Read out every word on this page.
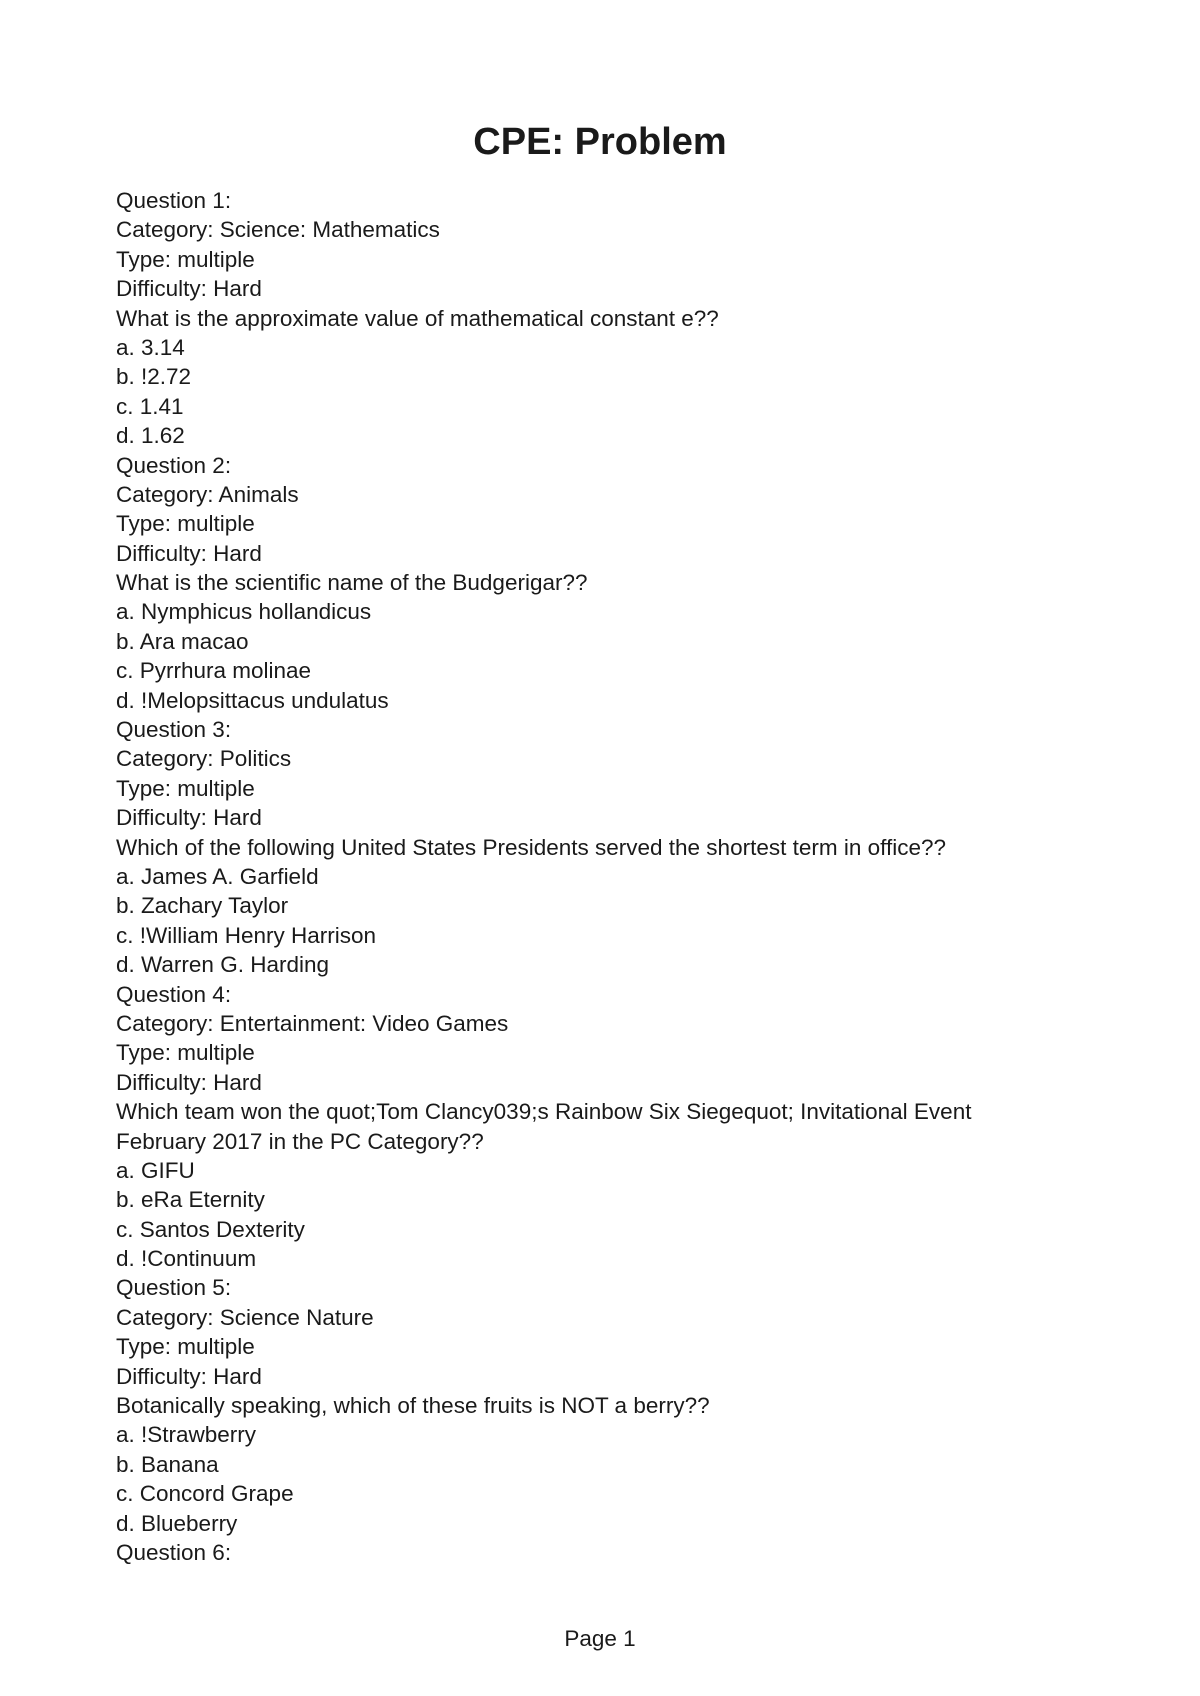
CPE: Problem
Question 1:
Category: Science: Mathematics
Type: multiple
Difficulty: Hard
What is the approximate value of mathematical constant e??
a. 3.14
b. !2.72
c. 1.41
d. 1.62
Question 2:
Category: Animals
Type: multiple
Difficulty: Hard
What is the scientific name of the Budgerigar??
a. Nymphicus hollandicus
b. Ara macao
c. Pyrrhura molinae
d. !Melopsittacus undulatus
Question 3:
Category: Politics
Type: multiple
Difficulty: Hard
Which of the following United States Presidents served the shortest term in office??
a. James A. Garfield
b. Zachary Taylor
c. !William Henry Harrison
d. Warren G. Harding
Question 4:
Category: Entertainment: Video Games
Type: multiple
Difficulty: Hard
Which team won the quot;Tom Clancy039;s Rainbow Six Siegequot; Invitational Event
February 2017 in the PC Category??
a. GIFU
b. eRa Eternity
c. Santos Dexterity
d. !Continuum
Question 5:
Category: Science Nature
Type: multiple
Difficulty: Hard
Botanically speaking, which of these fruits is NOT a berry??
a. !Strawberry
b. Banana
c. Concord Grape
d. Blueberry
Question 6:
Page 1
